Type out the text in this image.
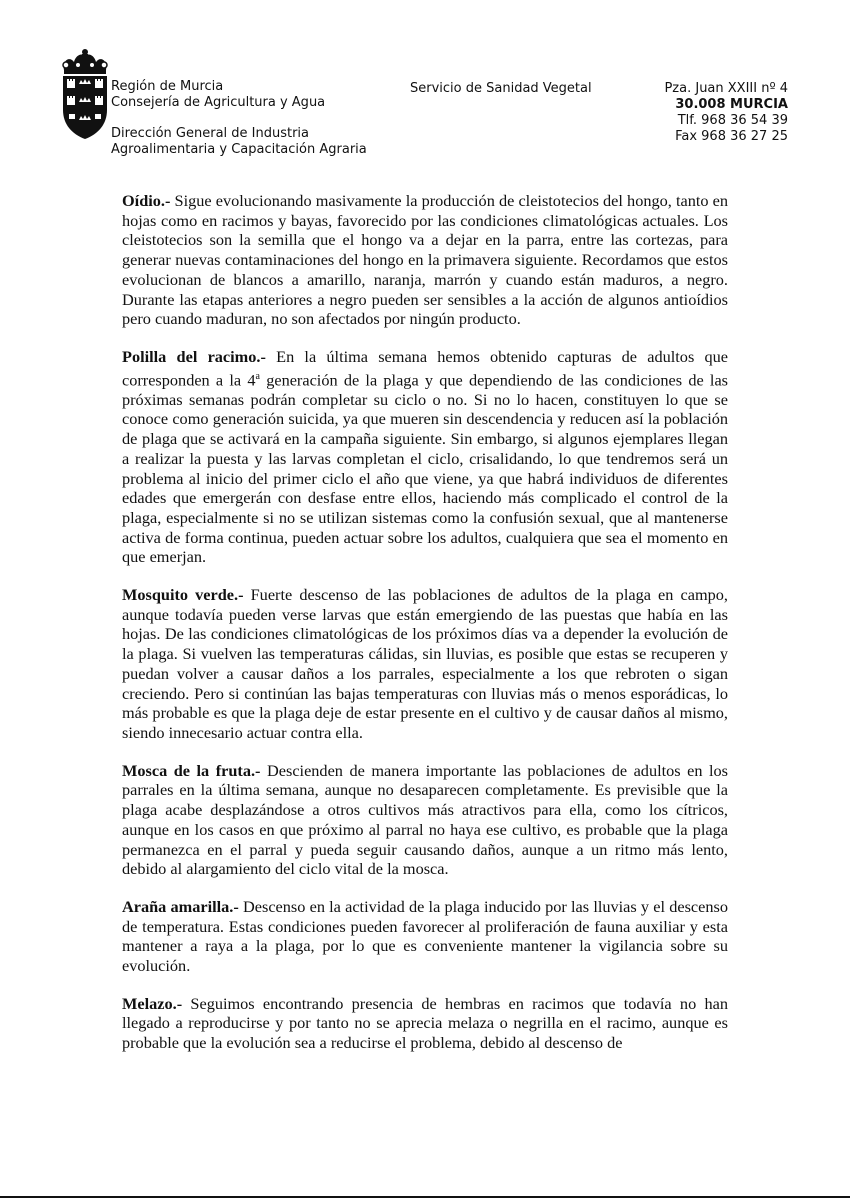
Región de Murcia
Consejería de Agricultura y Agua
Dirección General de Industria
Agroalimentaria y Capacitación Agraria
Servicio de Sanidad Vegetal	Pza. Juan XXIII nº 4
30.008 MURCIA
Tlf. 968 36 54 39
Fax 968 36 27 25

Oídio.- Sigue evolucionando masivamente la producción de cleistotecios del hongo, tanto en hojas como en racimos y bayas, favorecido por las condiciones climatológicas actuales. Los cleistotecios son la semilla que el hongo va a dejar en la parra, entre las cortezas, para generar nuevas contaminaciones del hongo en la primavera siguiente. Recordamos que estos evolucionan de blancos a amarillo, naranja, marrón y cuando están maduros, a negro. Durante las etapas anteriores a negro pueden ser sensibles a la acción de algunos antioídios pero cuando maduran, no son afectados por ningún producto.

Polilla del racimo.- En la última semana hemos obtenido capturas de adultos que corresponden a la 4$^a$ generación de la plaga y que dependiendo de las condiciones de las próximas semanas podrán completar su ciclo o no. Si no lo hacen, constituyen lo que se conoce como generación suicida, ya que mueren sin descendencia y reducen así la población de plaga que se activará en la campaña siguiente. Sin embargo, si algunos ejemplares llegan a realizar la puesta y las larvas completan el ciclo, crisalidando, lo que tendremos será un problema al inicio del primer ciclo el año que viene, ya que habrá individuos de diferentes edades que emergerán con desfase entre ellos, haciendo más complicado el control de la plaga, especialmente si no se utilizan sistemas como la confusión sexual, que al mantenerse activa de forma continua, pueden actuar sobre los adultos, cualquiera que sea el momento en que emerjan.

Mosquito verde.- Fuerte descenso de las poblaciones de adultos de la plaga en campo, aunque todavía pueden verse larvas que están emergiendo de las puestas que había en las hojas. De las condiciones climatológicas de los próximos días va a depender la evolución de la plaga. Si vuelven las temperaturas cálidas, sin lluvias, es posible que estas se recuperen y puedan volver a causar daños a los parrales, especialmente a los que rebroten o sigan creciendo. Pero si continúan las bajas temperaturas con lluvias más o menos esporádicas, lo más probable es que la plaga deje de estar presente en el cultivo y de causar daños al mismo, siendo innecesario actuar contra ella.

Mosca de la fruta.- Descienden de manera importante las poblaciones de adultos en los parrales en la última semana, aunque no desaparecen completamente. Es previsible que la plaga acabe desplazándose a otros cultivos más atractivos para ella, como los cítricos, aunque en los casos en que próximo al parral no haya ese cultivo, es probable que la plaga permanezca en el parral y pueda seguir causando daños, aunque a un ritmo más lento, debido al alargamiento del ciclo vital de la mosca.

Araña amarilla.- Descenso en la actividad de la plaga inducido por las lluvias y el descenso de temperatura. Estas condiciones pueden favorecer al proliferación de fauna auxiliar y esta mantener a raya a la plaga, por lo que es conveniente mantener la vigilancia sobre su evolución.

Melazo.- Seguimos encontrando presencia de hembras en racimos que todavía no han llegado a reproducirse y por tanto no se aprecia melaza o negrilla en el racimo, aunque es probable que la evolución sea a reducirse el problema, debido al descenso de
